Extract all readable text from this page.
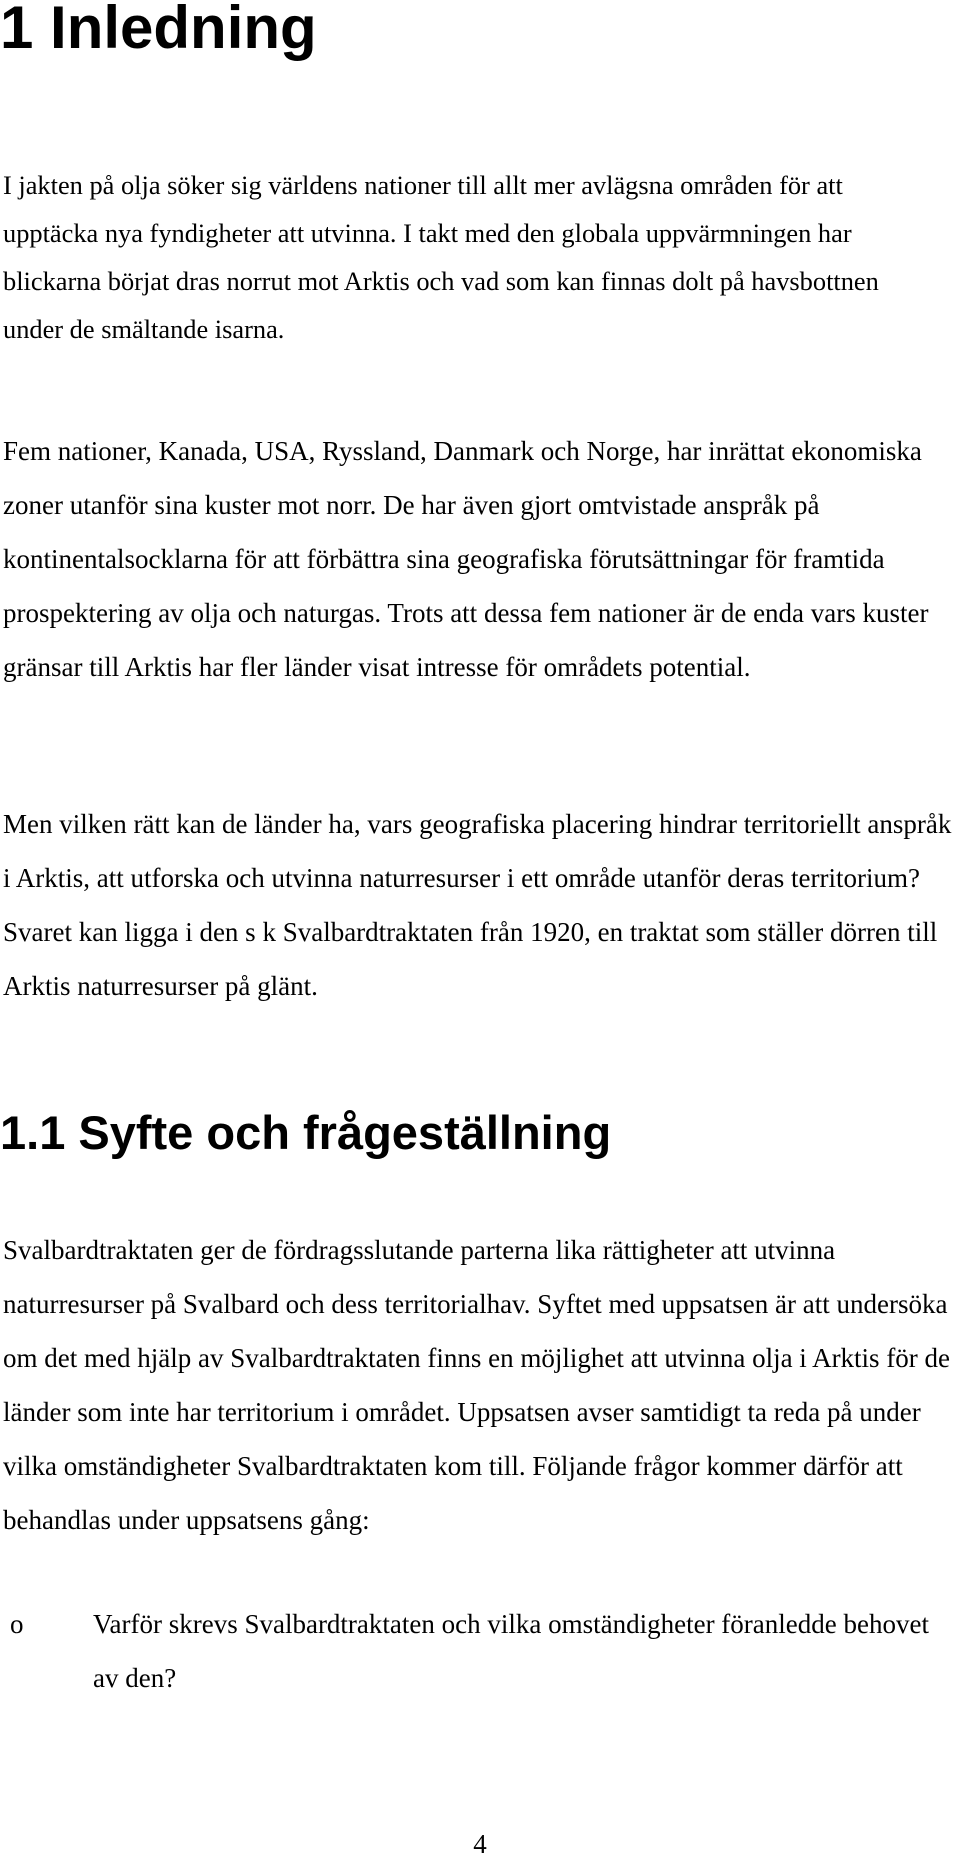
1 Inledning

I jakten på olja söker sig världens nationer till allt mer avlägsna områden för att upptäcka nya fyndigheter att utvinna. I takt med den globala uppvärmningen har blickarna börjat dras norrut mot Arktis och vad som kan finnas dolt på havsbottnen under de smältande isarna.

Fem nationer, Kanada, USA, Ryssland, Danmark och Norge, har inrättat ekonomiska zoner utanför sina kuster mot norr. De har även gjort omtvistade anspråk på kontinentalsocklarna för att förbättra sina geografiska förutsättningar för framtida prospektering av olja och naturgas. Trots att dessa fem nationer är de enda vars kuster gränsar till Arktis har fler länder visat intresse för områdets potential.

Men vilken rätt kan de länder ha, vars geografiska placering hindrar territoriellt anspråk i Arktis, att utforska och utvinna naturresurser i ett område utanför deras territorium? Svaret kan ligga i den s k Svalbardtraktaten från 1920, en traktat som ställer dörren till Arktis naturresurser på glänt.

1.1 Syfte och frågeställning

Svalbardtraktaten ger de fördragsslutande parterna lika rättigheter att utvinna naturresurser på Svalbard och dess territorialhav. Syftet med uppsatsen är att undersöka om det med hjälp av Svalbardtraktaten finns en möjlighet att utvinna olja i Arktis för de länder som inte har territorium i området. Uppsatsen avser samtidigt ta reda på under vilka omständigheter Svalbardtraktaten kom till. Följande frågor kommer därför att behandlas under uppsatsens gång:

o	Varför skrevs Svalbardtraktaten och vilka omständigheter föranledde behovet av den?
4
